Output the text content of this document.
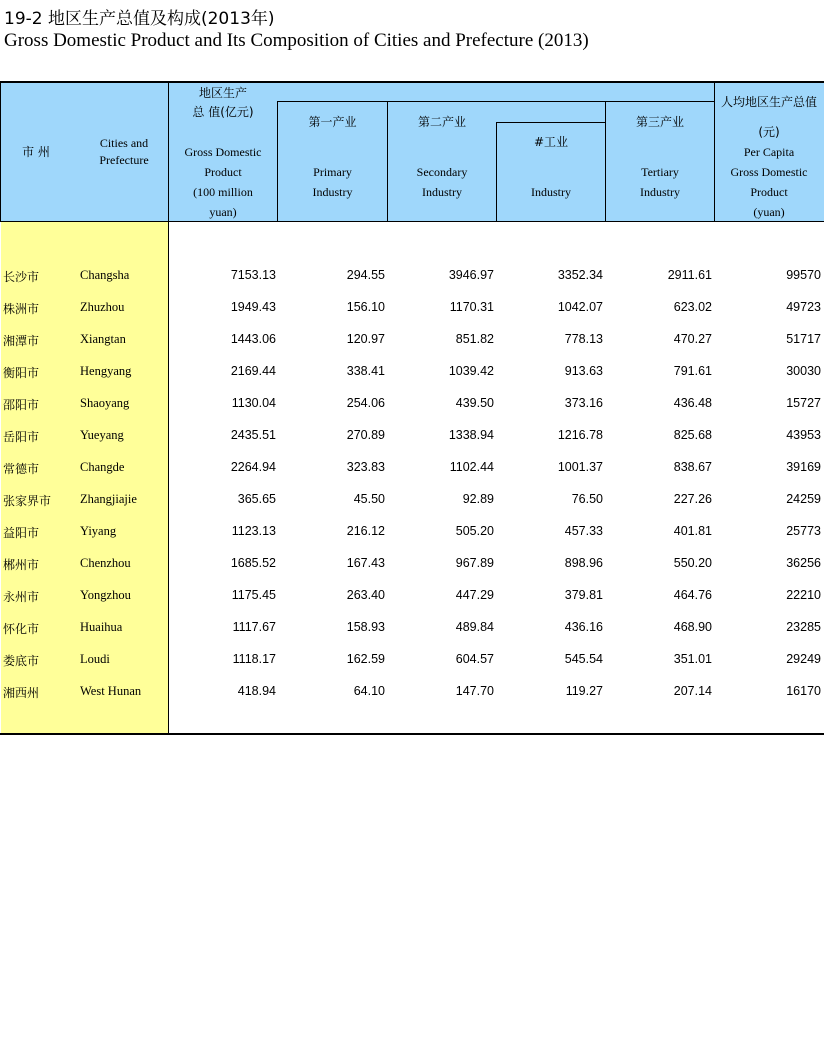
19-2 地区生产总值及构成(2013年)
Gross Domestic Product and Its Composition of Cities and Prefecture (2013)
市 州
Cities and
Prefecture
地区生产
总 值(亿元)
Gross Domestic
Product
(100 million
yuan)
第一产业
Primary
Industry
第二产业
Secondary
Industry
#工业
Industry
第三产业
Tertiary
Industry
人均地区生产总值
(元)
Per Capita
Gross Domestic
Product
(yuan)
长沙市	Changsha	7153.13	294.55	3946.97	3352.34	2911.61	99570
株洲市	Zhuzhou	1949.43	156.10	1170.31	1042.07	623.02	49723
湘潭市	Xiangtan	1443.06	120.97	851.82	778.13	470.27	51717
衡阳市	Hengyang	2169.44	338.41	1039.42	913.63	791.61	30030
邵阳市	Shaoyang	1130.04	254.06	439.50	373.16	436.48	15727
岳阳市	Yueyang	2435.51	270.89	1338.94	1216.78	825.68	43953
常德市	Changde	2264.94	323.83	1102.44	1001.37	838.67	39169
张家界市 Zhangjiajie	365.65	45.50	92.89	76.50	227.26	24259
益阳市	Yiyang	1123.13	216.12	505.20	457.33	401.81	25773
郴州市	Chenzhou	1685.52	167.43	967.89	898.96	550.20	36256
永州市	Yongzhou	1175.45	263.40	447.29	379.81	464.76	22210
怀化市	Huaihua	1117.67	158.93	489.84	436.16	468.90	23285
娄底市	Loudi	1118.17	162.59	604.57	545.54	351.01	29249
湘西州	West Hunan	418.94	64.10	147.70	119.27	207.14	16170
